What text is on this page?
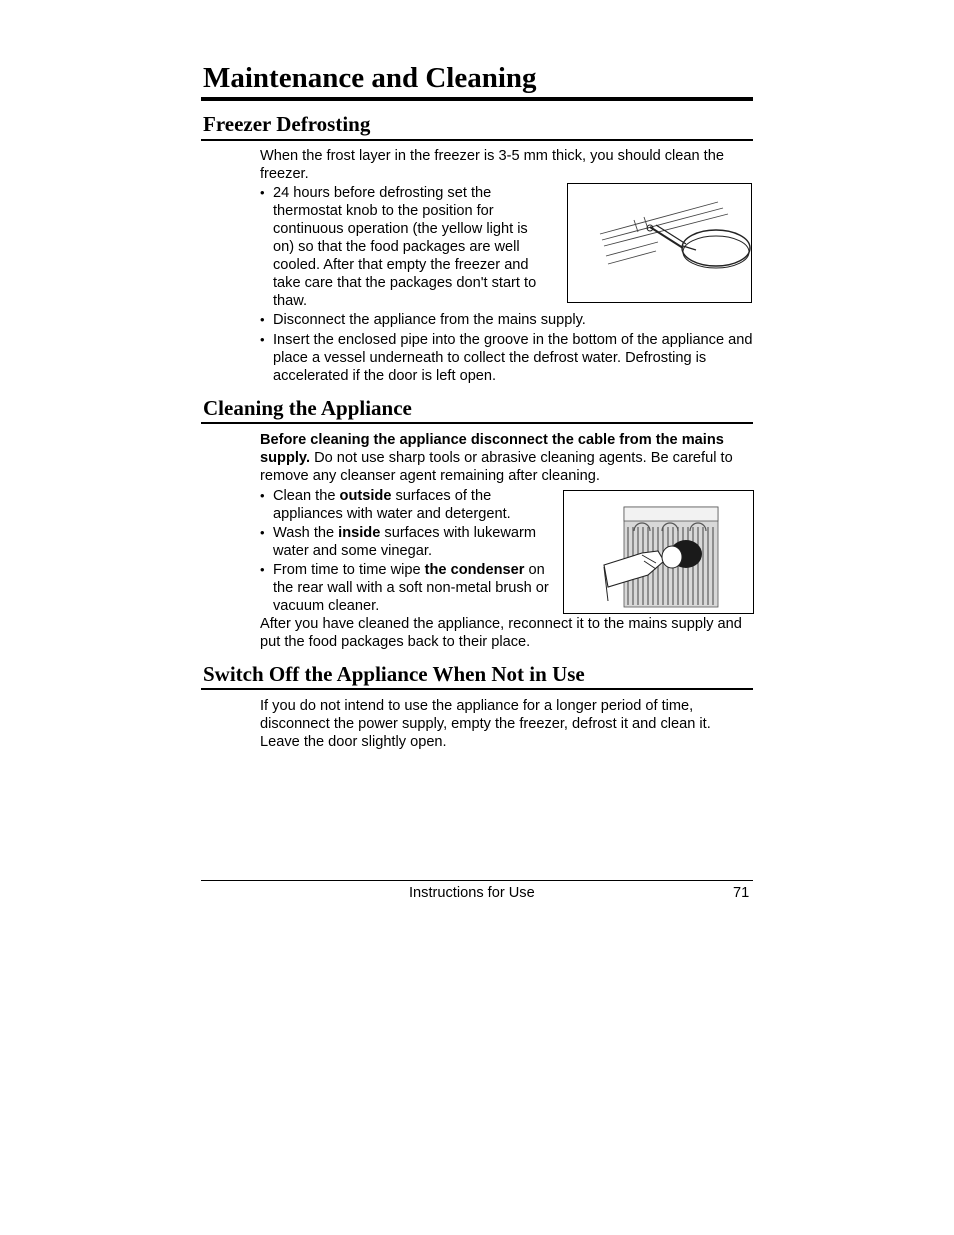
Maintenance and Cleaning
Freezer Defrosting

When the frost layer in the freezer is 3-5 mm thick, you should clean the freezer.

• 24 hours before defrosting set the thermostat knob to the position for continuous operation (the yellow light is on) so that the food packages are well cooled. After that empty the freezer and take care that the packages don't start to thaw.

• Disconnect the appliance from the mains supply.

• Insert the enclosed pipe into the groove in the bottom of the appliance and place a vessel underneath to collect the defrost water. Defrosting is accelerated if the door is left open.

Cleaning the Appliance

Before cleaning the appliance disconnect the cable from the mains supply. Do not use sharp tools or abrasive cleaning agents. Be careful to remove any cleanser agent remaining after cleaning.

• Clean the outside surfaces of the appliances with water and detergent.

• Wash the inside surfaces with lukewarm water and some vinegar.

• From time to time wipe the condenser on the rear wall with a soft non-metal brush or vacuum cleaner.

After you have cleaned the appliance, reconnect it to the mains supply and put the food packages back to their place.

Switch Off the Appliance When Not in Use

If you do not intend to use the appliance for a longer period of time, disconnect the power supply, empty the freezer, defrost it and clean it. Leave the door slightly open.

Instructions for Use	71
